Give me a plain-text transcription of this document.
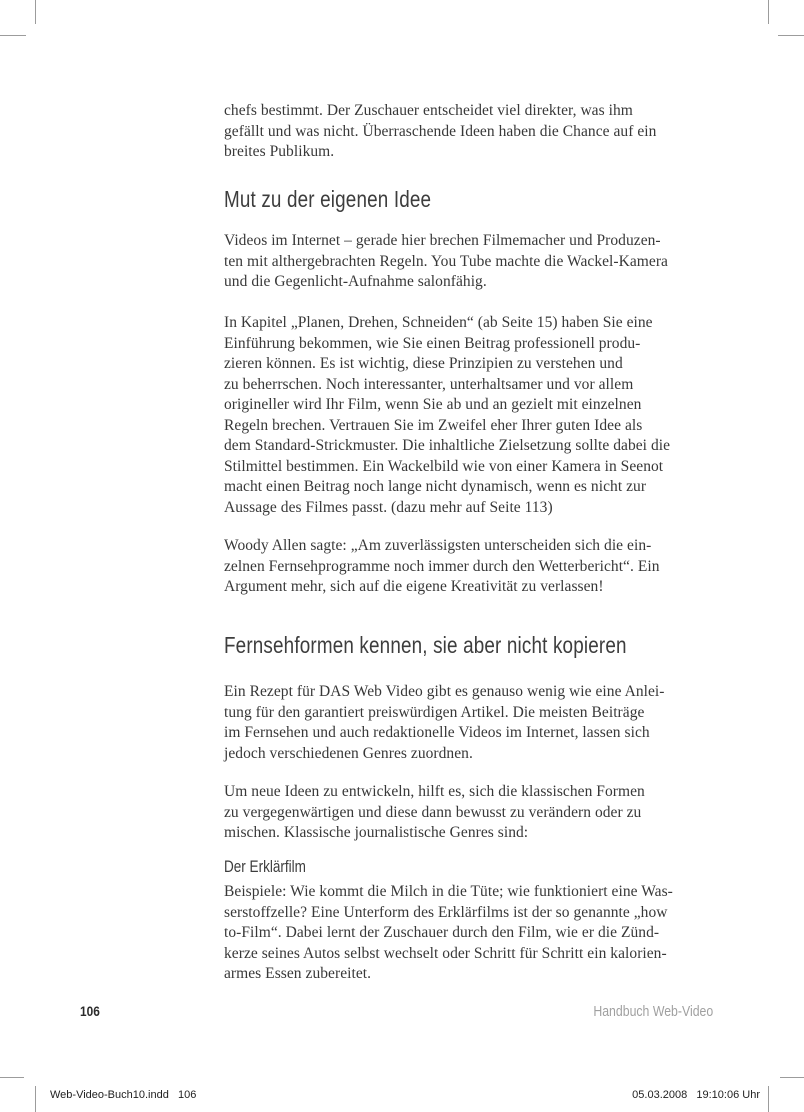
chefs bestimmt. Der Zuschauer entscheidet viel direkter, was ihm
gefällt und was nicht. Überraschende Ideen haben die Chance auf ein
breites Publikum.
Mut zu der eigenen Idee
Videos im Internet – gerade hier brechen Filmemacher und Produzen-
ten mit althergebrachten Regeln. You Tube machte die Wackel-Kamera
und die Gegenlicht-Aufnahme salonfähig.
In Kapitel „Planen, Drehen, Schneiden“ (ab Seite 15) haben Sie eine
Einführung bekommen, wie Sie einen Beitrag professionell produ-
zieren können. Es ist wichtig, diese Prinzipien zu verstehen und
zu beherrschen. Noch interessanter, unterhaltsamer und vor allem
origineller wird Ihr Film, wenn Sie ab und an gezielt mit einzelnen
Regeln brechen. Vertrauen Sie im Zweifel eher Ihrer guten Idee als
dem Standard-Strickmuster. Die inhaltliche Zielsetzung sollte dabei die
Stilmittel bestimmen. Ein Wackelbild wie von einer Kamera in Seenot
macht einen Beitrag noch lange nicht dynamisch, wenn es nicht zur
Aussage des Filmes passt. (dazu mehr auf Seite 113)
Woody Allen sagte: „Am zuverlässigsten unterscheiden sich die ein-
zelnen Fernsehprogramme noch immer durch den Wetterbericht“. Ein
Argument mehr, sich auf die eigene Kreativität zu verlassen!
Fernsehformen kennen, sie aber nicht kopieren
Ein Rezept für DAS Web Video gibt es genauso wenig wie eine Anlei-
tung für den garantiert preiswürdigen Artikel. Die meisten Beiträge
im Fernsehen und auch redaktionelle Videos im Internet, lassen sich
jedoch verschiedenen Genres zuordnen.
Um neue Ideen zu entwickeln, hilft es, sich die klassischen Formen
zu vergegenwärtigen und diese dann bewusst zu verändern oder zu
mischen. Klassische journalistische Genres sind:
Der Erklärfilm
Beispiele: Wie kommt die Milch in die Tüte; wie funktioniert eine Was-
serstoffzelle? Eine Unterform des Erklärfilms ist der so genannte „how
to-Film“. Dabei lernt der Zuschauer durch den Film, wie er die Zünd-
kerze seines Autos selbst wechselt oder Schritt für Schritt ein kalorien-
armes Essen zubereitet.
106	Handbuch Web-Video
Web-Video-Buch10.indd   106	05.03.2008   19:10:06 Uhr
